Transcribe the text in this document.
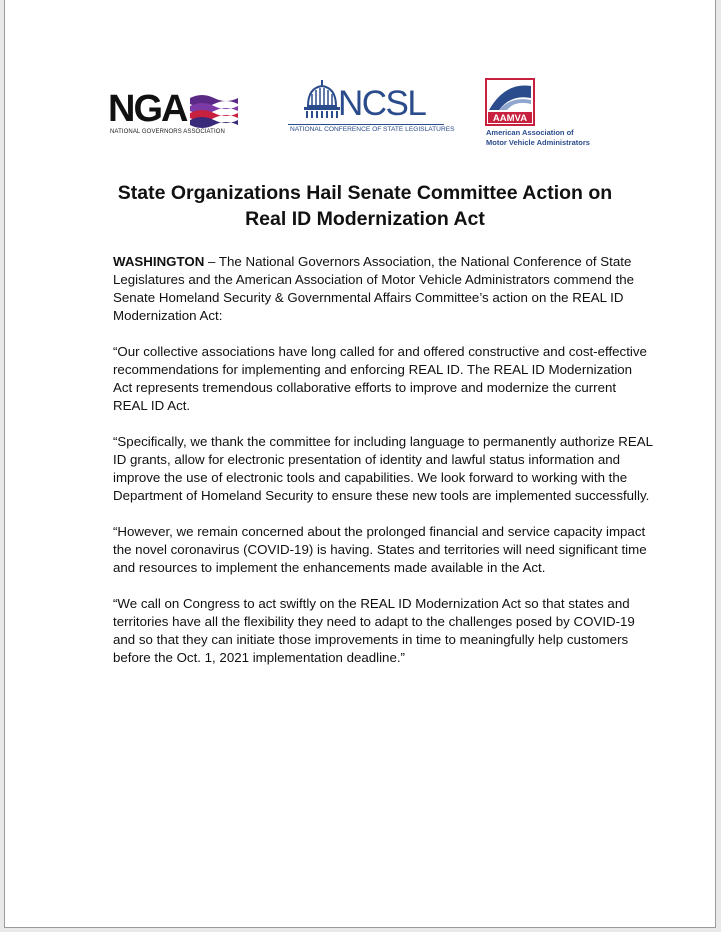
NGA
NATIONAL GOVERNORS ASSOCIATION
NCSL
NATIONAL CONFERENCE OF STATE LEGISLATURES
AAMVA
American Association of
Motor Vehicle Administrators
State Organizations Hail Senate Committee Action on
Real ID Modernization Act

WASHINGTON – The National Governors Association, the National Conference of State Legislatures and the American Association of Motor Vehicle Administrators commend the Senate Homeland Security & Governmental Affairs Committee’s action on the REAL ID Modernization Act:

“Our collective associations have long called for and offered constructive and cost-effective recommendations for implementing and enforcing REAL ID. The REAL ID Modernization Act represents tremendous collaborative efforts to improve and modernize the current REAL ID Act.

“Specifically, we thank the committee for including language to permanently authorize REAL ID grants, allow for electronic presentation of identity and lawful status information and improve the use of electronic tools and capabilities. We look forward to working with the Department of Homeland Security to ensure these new tools are implemented successfully.

“However, we remain concerned about the prolonged financial and service capacity impact the novel coronavirus (COVID-19) is having. States and territories will need significant time and resources to implement the enhancements made available in the Act.

“We call on Congress to act swiftly on the REAL ID Modernization Act so that states and territories have all the flexibility they need to adapt to the challenges posed by COVID-19 and so that they can initiate those improvements in time to meaningfully help customers before the Oct. 1, 2021 implementation deadline.”
